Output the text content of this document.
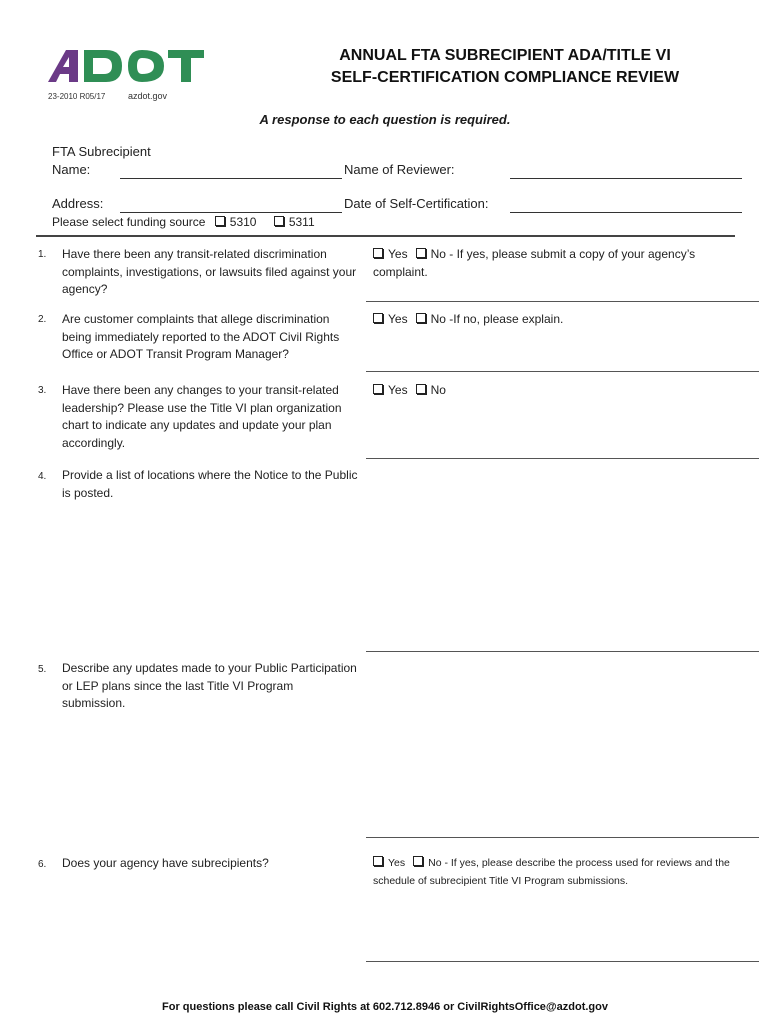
23-2010 R05/17	azdot.gov
ANNUAL FTA SUBRECIPIENT ADA/TITLE VI
SELF-CERTIFICATION COMPLIANCE REVIEW
A response to each question is required.
FTA Subrecipient
Name:	Name of Reviewer:
Address:	Date of Self-Certification:
Please select funding source 5310	5311
1. Have there been any transit-related discrimination complaints, investigations, or lawsuits filed against your agency?
Yes No - If yes, please submit a copy of your agency’s complaint.
2. Are customer complaints that allege discrimination being immediately reported to the ADOT Civil Rights Office or ADOT Transit Program Manager?
Yes No -If no, please explain.
3. Have there been any changes to your transit-related leadership? Please use the Title VI plan organization chart to indicate any updates and update your plan accordingly.
Yes No
4. Provide a list of locations where the Notice to the Public is posted.
5. Describe any updates made to your Public Participation or LEP plans since the last Title VI Program submission.
6. Does your agency have subrecipients?	Yes No - If yes, please describe the process used for reviews and the schedule of subrecipient Title VI Program submissions.
For questions please call Civil Rights at 602.712.8946 or CivilRightsOffice@azdot.gov
